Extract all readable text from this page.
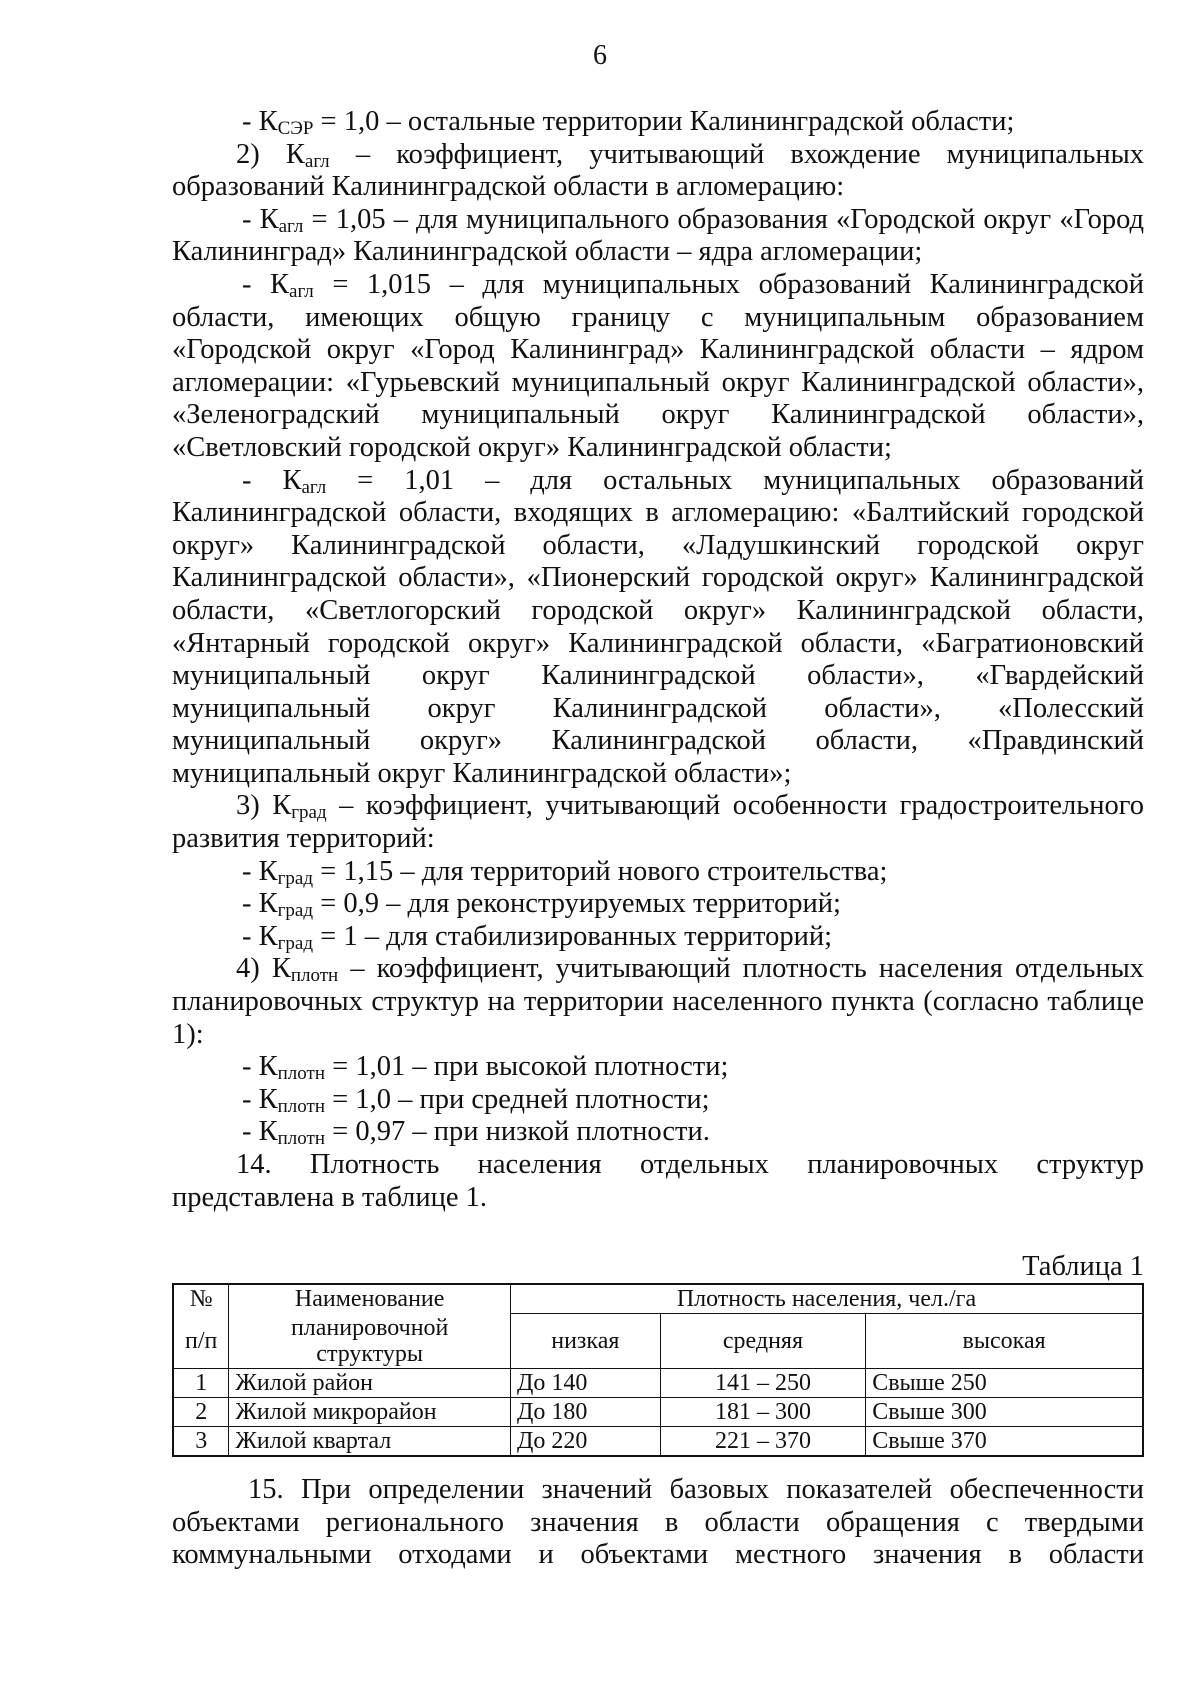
6

- $К_{СЭР} = 1,0$ – остальные территории Калининградской области;

2) $К_{агл}$ – коэффициент, учитывающий вхождение муниципальных образований Калининградской области в агломерацию:

- $К_{агл} = 1,05$ – для муниципального образования «Городской округ «Город Калининград» Калининградской области – ядра агломерации;

- $К_{агл} = 1,015$ – для муниципальных образований Калининградской области, имеющих общую границу с муниципальным образованием «Городской округ «Город Калининград» Калининградской области – ядром агломерации: «Гурьевский муниципальный округ Калининградской области», «Зеленоградский муниципальный округ Калининградской области», «Светловский городской округ» Калининградской области;

- $К_{агл} = 1,01$ – для остальных муниципальных образований Калининградской области, входящих в агломерацию: «Балтийский городской округ» Калининградской области, «Ладушкинский городской округ Калининградской области», «Пионерский городской округ» Калининградской области, «Светлогорский городской округ» Калининградской области, «Янтарный городской округ» Калининградской области, «Багратионовский муниципальный округ Калининградской области», «Гвардейский муниципальный округ Калининградской области», «Полесский муниципальный округ» Калининградской области, «Правдинский муниципальный округ Калининградской области»;

3) $К_{град}$ – коэффициент, учитывающий особенности градостроительного развития территорий:

- $К_{град} = 1,15$ – для территорий нового строительства;

- $К_{град} = 0,9$ – для реконструируемых территорий;

- $К_{град} = 1$ – для стабилизированных территорий;

4) $К_{плотн}$ – коэффициент, учитывающий плотность населения отдельных планировочных структур на территории населенного пункта (согласно таблице 1):

- $К_{плотн} = 1,01$ – при высокой плотности;

- $К_{плотн} = 1,0$ – при средней плотности;

- $К_{плотн} = 0,97$ – при низкой плотности.

14. Плотность населения отдельных планировочных структур представлена в таблице 1.

Таблица 1
№	Наименование	Плотность населения, чел./га		
п/п	планировочной структуры	низкая	средняя	высокая
1	Жилой район	До 140	141 – 250	Свыше 250
2	Жилой микрорайон	До 180	181 – 300	Свыше 300
3	Жилой квартал	До 220	221 – 370	Свыше 370

15. При определении значений базовых показателей обеспеченности объектами регионального значения в области обращения с твердыми коммунальными отходами и объектами местного значения в области
